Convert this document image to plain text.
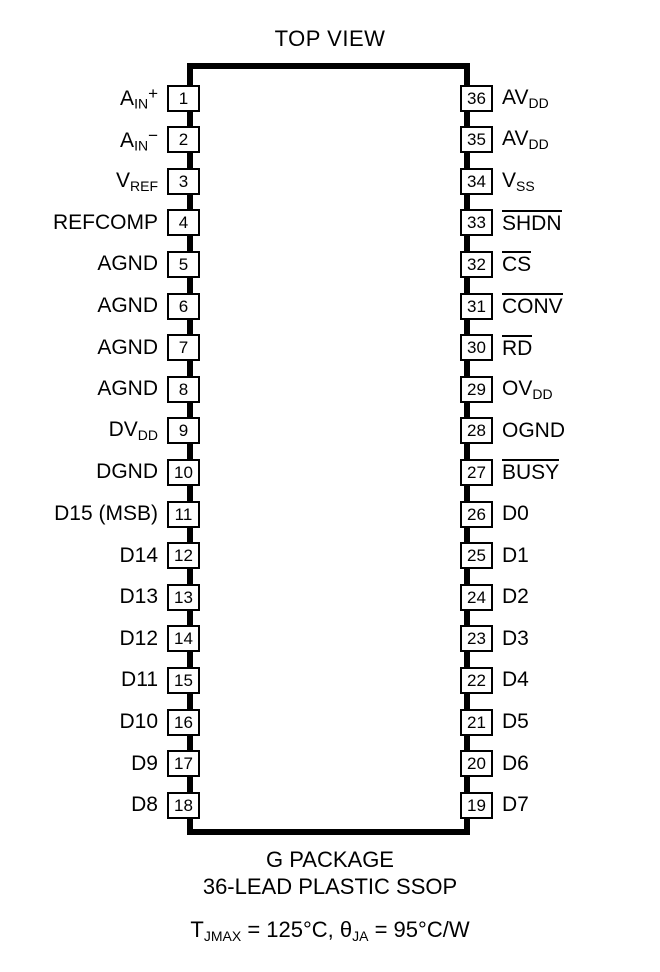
TOP VIEW
$A_{IN}^+$	1
$A_{IN}^-$	2
$V_{REF}$	3
REFCOMP	4
AGND	5
AGND	6
AGND	7
AGND	8
$DV_{DD}$	9
DGND 10
D15 (MSB) 11
D14 12
D13 13
D12 14
D11 15
D10 16
D9 17
D8 18
36 $AV_{DD}$
35 $AV_{DD}$
34 $V_{SS}$
33 SHDN
32 CS
31 CONV
30 RD
29 $OV_{DD}$
28 OGND
27 BUSY
26 D0
25 D1
24 D2
23 D3
22 D4
21 D5
20 D6
19 D7
G PACKAGE
36-LEAD PLASTIC SSOP
$T_{JMAX} = 125^\circ C$, $\theta_{JA} = 95^\circ C/W$
